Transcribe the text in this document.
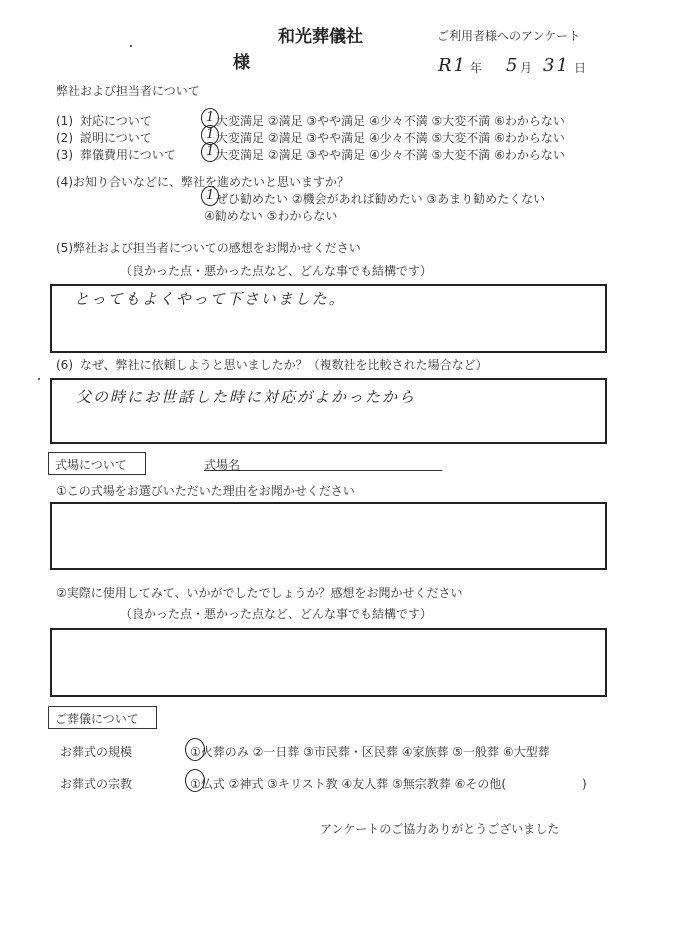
和光葬儀社
様
ご利用者様へのアンケート
R1 年 5 月 31 日
弊社および担当者について
(1) 対応について	1 大変満足 ②満足 ③やや満足 ④少々不満 ⑤大変不満 ⑥わからない
(2) 説明について	1 大変満足 ②満足 ③やや満足 ④少々不満 ⑤大変不満 ⑥わからない
(3) 葬儀費用について 1 大変満足 ②満足 ③やや満足 ④少々不満 ⑤大変不満 ⑥わからない
(4)お知り合いなどに、弊社を進めたいと思いますか？
1 ぜひ勧めたい ②機会があれば勧めたい ③あまり勧めたくない
④勧めない ⑤わからない
(5)弊社および担当者についての感想をお聞かせください
（良かった点・悪かった点など、どんな事でも結構です）
とってもよくやって下さいました。
(6) なぜ、弊社に依頼しようと思いましたか？（複数社を比較された場合など）
父の時にお世話した時に対応がよかったから
式場について	式場名
①この式場をお選びいただいた理由をお聞かせください
②実際に使用してみて、いかがでしたでしょうか？感想をお聞かせください
（良かった点・悪かった点など、どんな事でも結構です）
ご葬儀について
お葬式の規模	①火葬のみ ②一日葬 ③市民葬・区民葬 ④家族葬 ⑤一般葬 ⑥大型葬
お葬式の宗教	①仏式 ②神式 ③キリスト教 ④友人葬 ⑤無宗教葬 ⑥その他(	)
アンケートのご協力ありがとうございました
